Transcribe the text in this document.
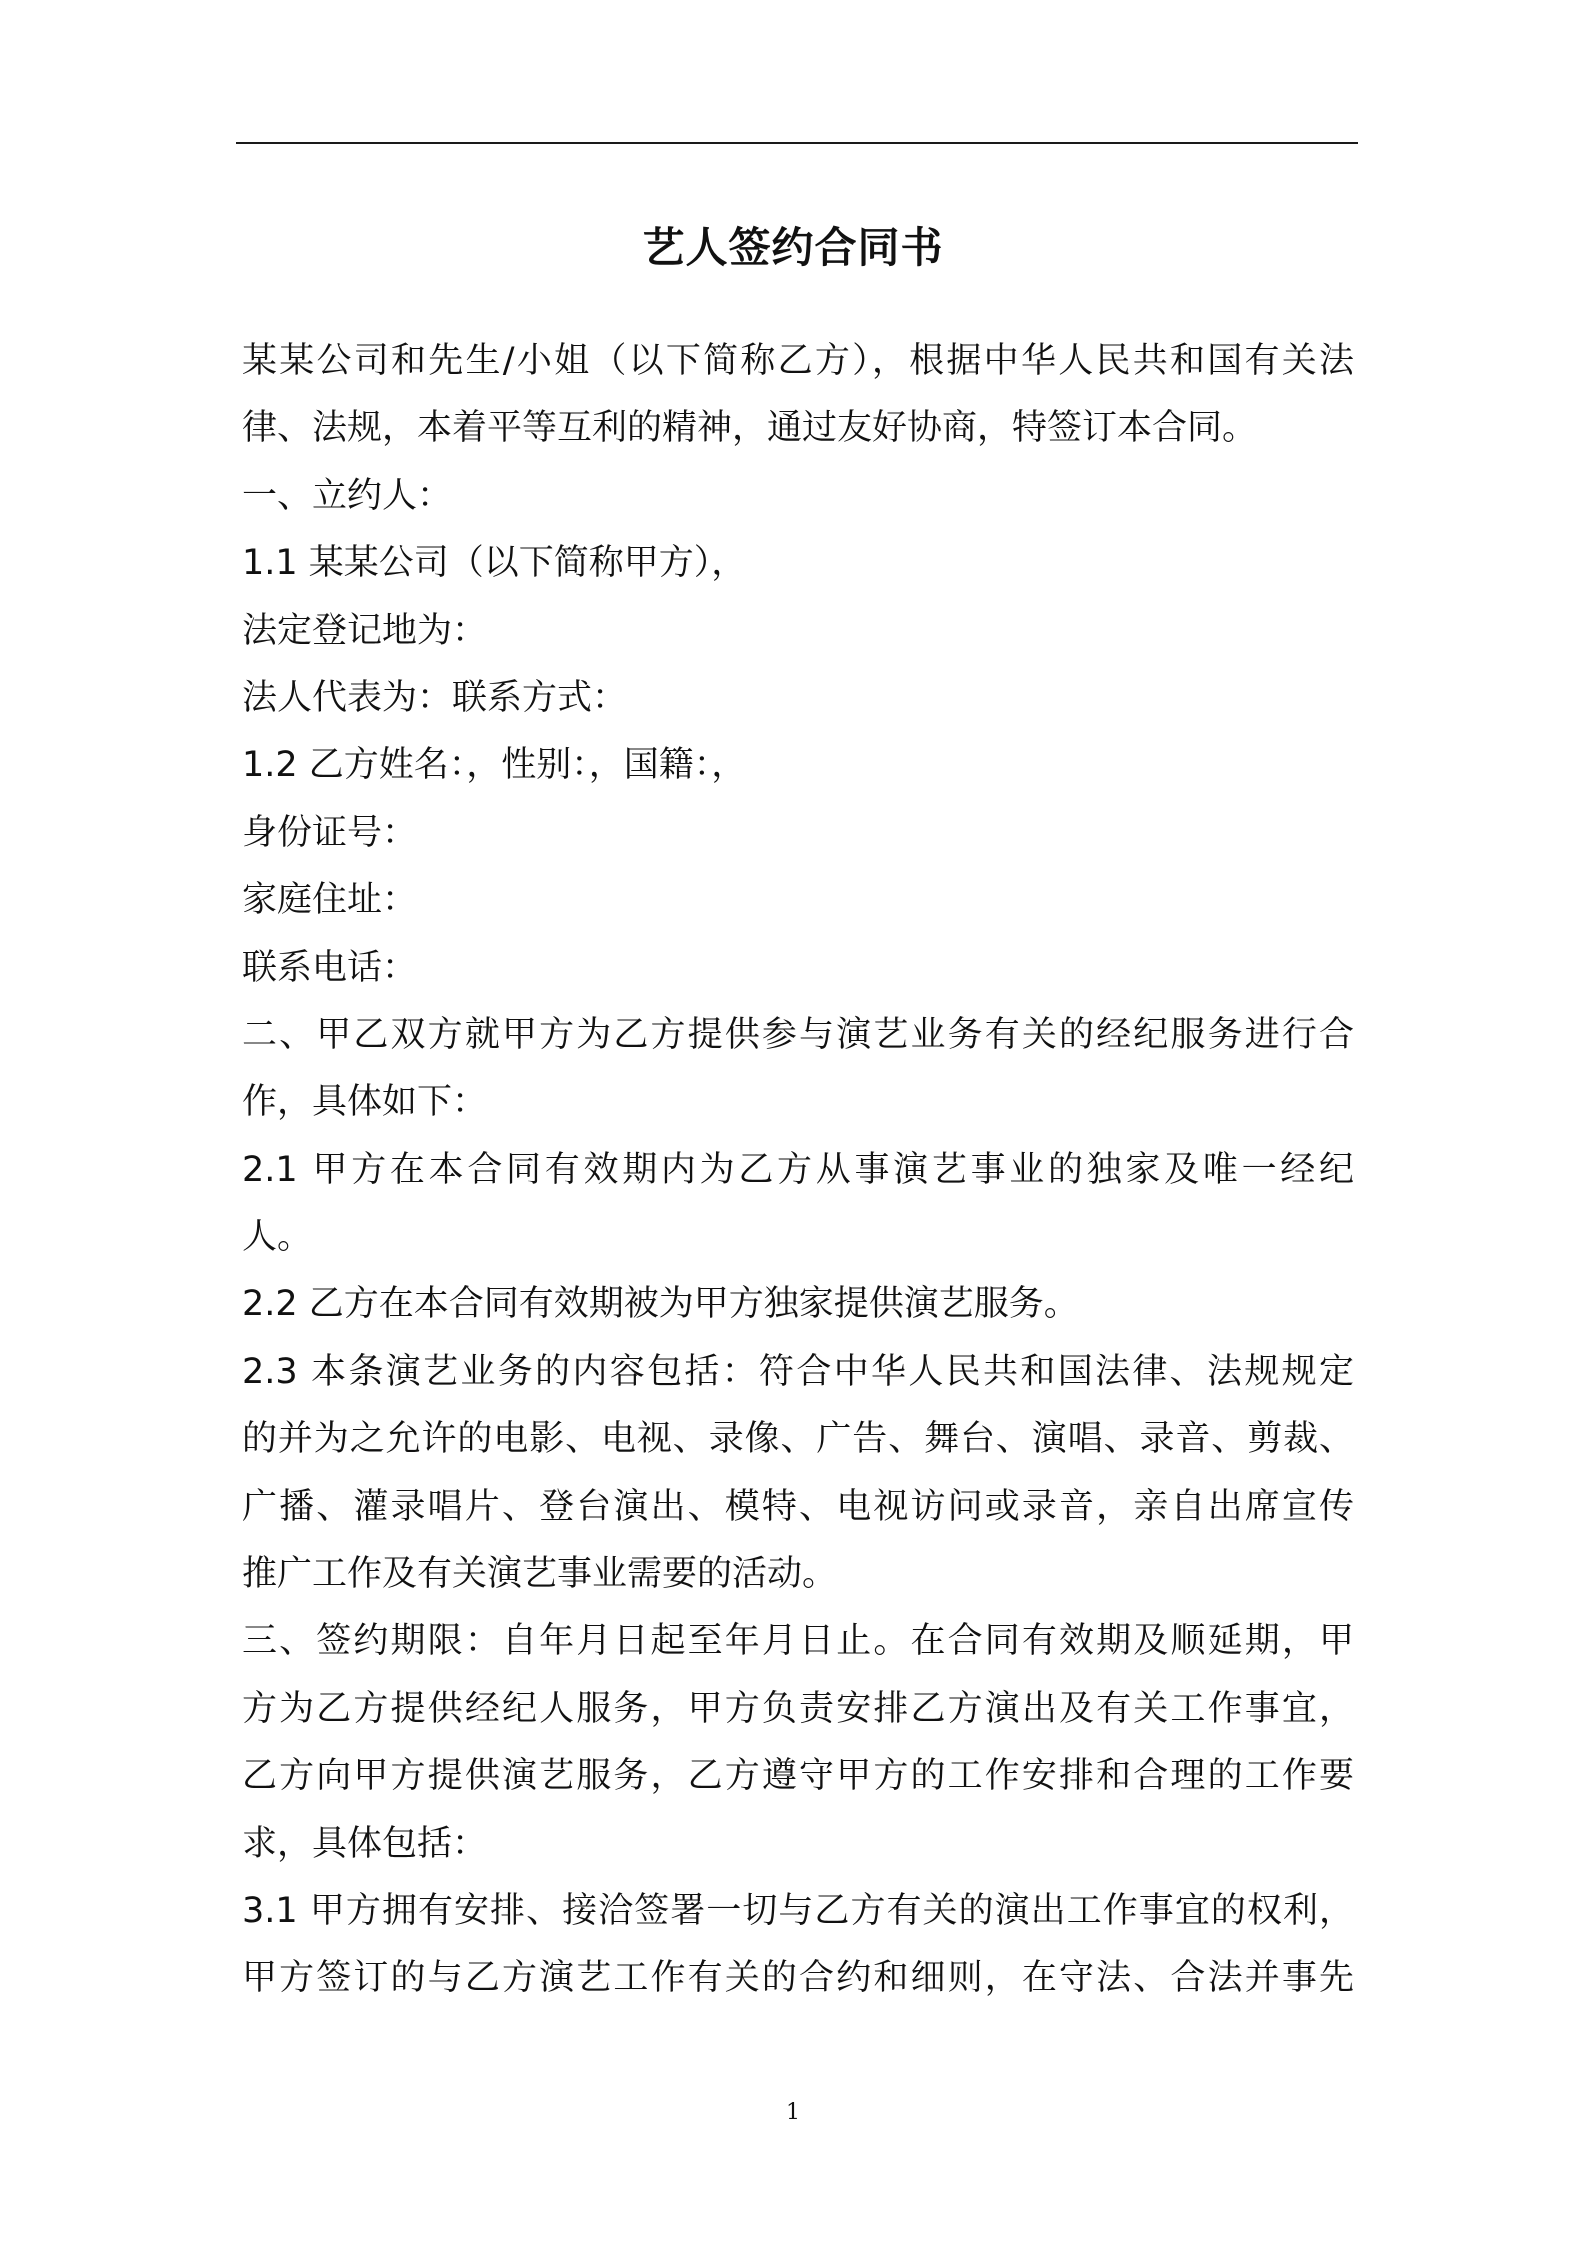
艺人签约合同书
某某公司和先生/小姐（以下简称乙方），根据中华人民共和国有关法
律、法规，本着平等互利的精神，通过友好协商，特签订本合同。
一、立约人：
1.1 某某公司（以下简称甲方），
法定登记地为：
法人代表为：联系方式：
1.2 乙方姓名：，性别：，国籍：，
身份证号：
家庭住址：
联系电话：
二、甲乙双方就甲方为乙方提供参与演艺业务有关的经纪服务进行合
作，具体如下：
2.1 甲方在本合同有效期内为乙方从事演艺事业的独家及唯一经纪
人。
2.2 乙方在本合同有效期被为甲方独家提供演艺服务。
2.3 本条演艺业务的内容包括：符合中华人民共和国法律、法规规定
的并为之允许的电影、电视、录像、广告、舞台、演唱、录音、剪裁、
广播、灌录唱片、登台演出、模特、电视访问或录音，亲自出席宣传
推广工作及有关演艺事业需要的活动。
三、签约期限：自年月日起至年月日止。在合同有效期及顺延期，甲
方为乙方提供经纪人服务，甲方负责安排乙方演出及有关工作事宜，
乙方向甲方提供演艺服务，乙方遵守甲方的工作安排和合理的工作要
求，具体包括：
3.1 甲方拥有安排、接洽签署一切与乙方有关的演出工作事宜的权利，
甲方签订的与乙方演艺工作有关的合约和细则，在守法、合法并事先
1
